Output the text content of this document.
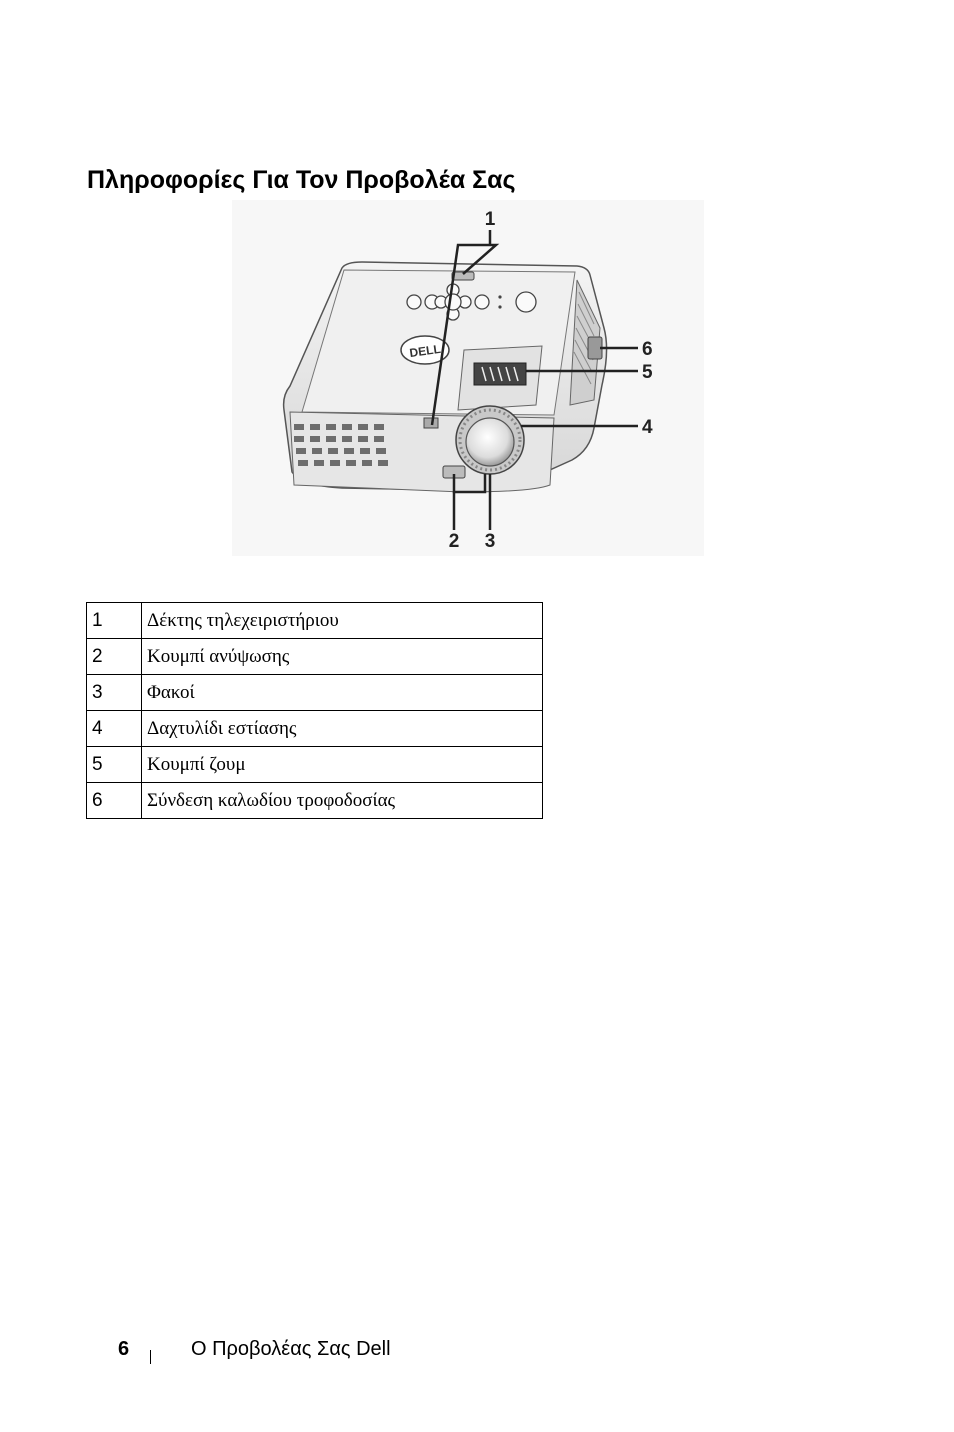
Πληροφορίες Για Τον Προβολέα Σας
DELL
1
2 3
4
5
6
1	Δέκτης τηλεχειριστήριου
2	Κουμπί ανύψωσης
3	Φακοί
4	Δαχτυλίδι εστίασης
5	Κουμπί ζουμ
6	Σύνδεση καλωδίου τροφοδοσίας
6	Ο Προβολέας Σας Dell
